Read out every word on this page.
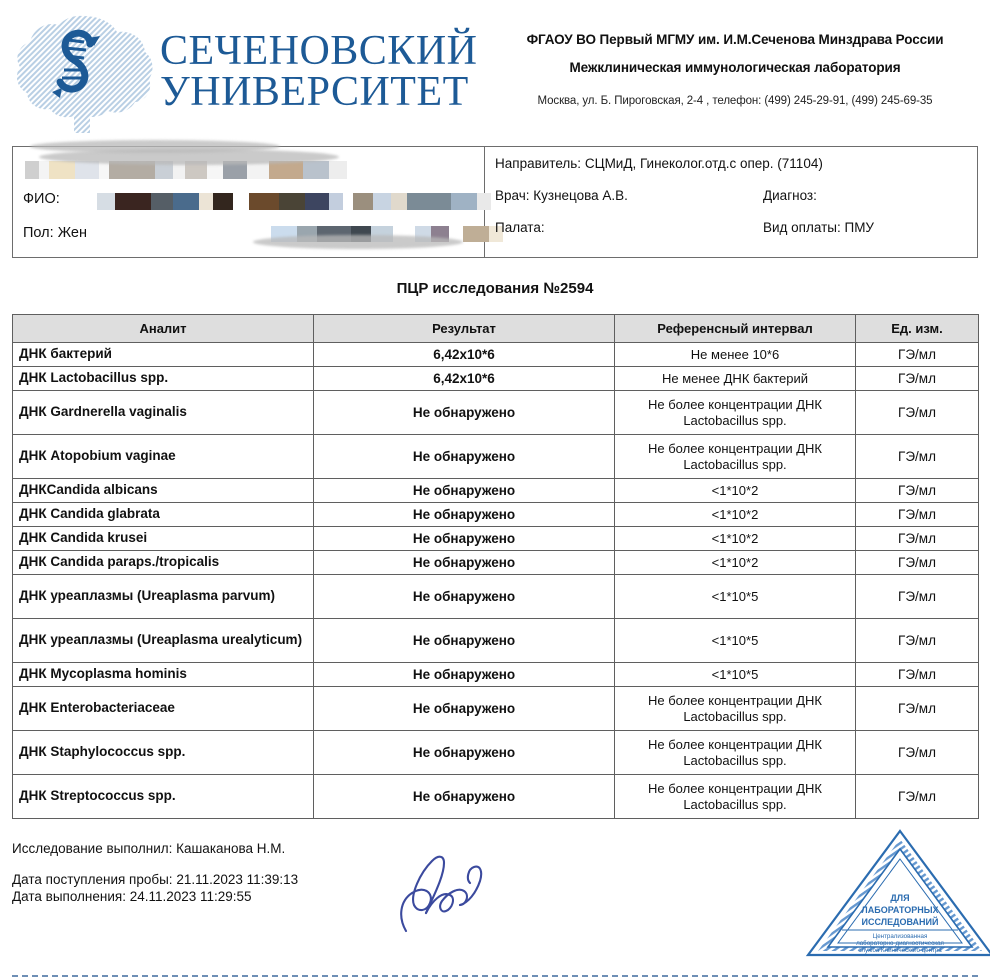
СЕЧЕНОВСКИЙ
УНИВЕРСИТЕТ
ФГАОУ ВО Первый МГМУ им. И.М.Сеченова Минздрава России
Межклиническая иммунологическая лаборатория
Москва, ул. Б. Пироговская, 2-4 , телефон: (499) 245-29-91, (499) 245-69-35
ФИО:
Пол: Жен
Направитель: СЦМиД, Гинеколог.отд.с опер. (71104)
Врач: Кузнецова А.В.	Диагноз:
Палата:	Вид оплаты: ПМУ
ПЦР исследования №2594
Аналит	Результат	Референсный интервал	Ед. изм.
ДНК бактерий	6,42х10*6	Не менее 10*6	ГЭ/мл
ДНК Lactobacillus spp.	6,42х10*6	Не менее ДНК бактерий	ГЭ/мл
ДНК Gardnerella vaginalis	Не обнаружено	Не более концентрации ДНК Lactobacillus spp.	ГЭ/мл
ДНК Atopobium vaginae	Не обнаружено	Не более концентрации ДНК Lactobacillus spp.	ГЭ/мл
ДНКCandida albicans	Не обнаружено	<1*10*2	ГЭ/мл
ДНК Candida glabrata	Не обнаружено	<1*10*2	ГЭ/мл
ДНК Candida krusei	Не обнаружено	<1*10*2	ГЭ/мл
ДНК Candida paraps./tropicalis	Не обнаружено	<1*10*2	ГЭ/мл
ДНК уреаплазмы (Ureaplasma parvum)	Не обнаружено	<1*10*5	ГЭ/мл
ДНК уреаплазмы (Ureaplasma urealyticum)	Не обнаружено	<1*10*5	ГЭ/мл
ДНК Mycoplasma hominis	Не обнаружено	<1*10*5	ГЭ/мл
ДНК Enterobacteriaceae	Не обнаружено	Не более концентрации ДНК Lactobacillus spp.	ГЭ/мл
ДНК Staphylococcus spp.	Не обнаружено	Не более концентрации ДНК Lactobacillus spp.	ГЭ/мл
ДНК Streptococcus spp.	Не обнаружено	Не более концентрации ДНК Lactobacillus spp.	ГЭ/мл
Исследование выполнил: Кашаканова Н.М.
Дата поступления пробы: 21.11.2023 11:39:13
Дата выполнения: 24.11.2023 11:29:55	ДЛЯ
ЛАБОРАТОРНЫХ
ИССЛЕДОВАНИЙ
Централизованная
лабораторно-диагностическая
служба Клинического центра
